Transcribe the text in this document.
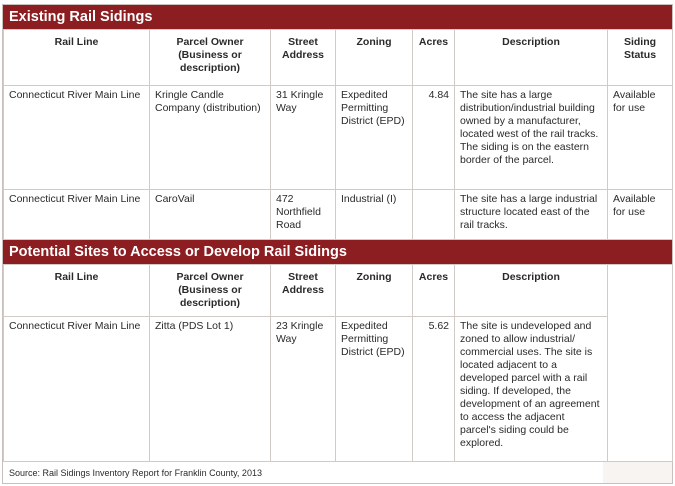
Existing Rail Sidings
Rail Line	Parcel Owner (Business or description)	Street Address	Zoning	Acres	Description	Siding Status
Connecticut River Main Line	Kringle Candle Company (distribution)	31 Kringle Way	Expedited Permitting District (EPD)	4.84	The site has a large distribution/industrial building owned by a manufacturer, located west of the rail tracks. The siding is on the eastern border of the parcel.	Available for use
Connecticut River Main Line	CaroVail	472 Northfield Road	Industrial (I)		The site has a large industrial structure located east of the rail tracks.	Available for use
Potential Sites to Access or Develop Rail Sidings
Rail Line	Parcel Owner (Business or description)	Street Address	Zoning	Acres	Description	
Connecticut River Main Line	Zitta (PDS Lot 1)	23 Kringle Way	Expedited Permitting District (EPD)	5.62	The site is undeveloped and zoned to allow industrial/ commercial uses. The site is located adjacent to a developed parcel with a rail siding. If developed, the development of an agreement to access the adjacent parcel's siding could be explored.	
Source: Rail Sidings Inventory Report for Franklin County, 2013
